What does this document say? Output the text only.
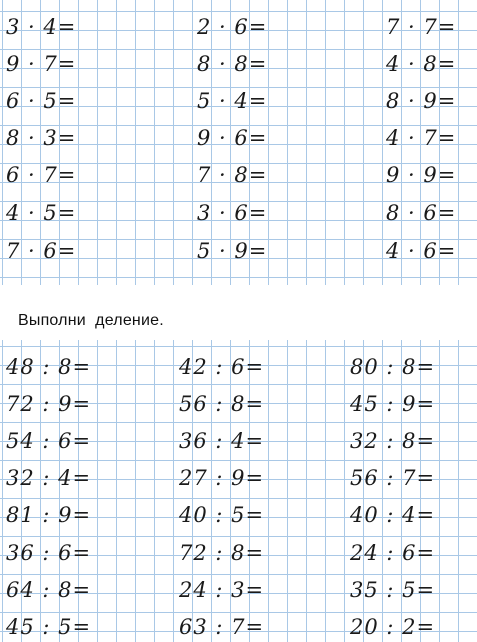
3 · 4=	2 · 6=	7 · 7=
9 · 7=	8 · 8=	4 · 8=
6 · 5=	5 · 4=	8 · 9=
8 · 3=	9 · 6=	4 · 7=
6 · 7=	7 · 8=	9 · 9=
4 · 5=	3 · 6=	8 · 6=
7 · 6=	5 · 9=	4 · 6=
Выполни  деление.
48 : 8=	42 : 6=	80 : 8=
72 : 9=	56 : 8=	45 : 9=
54 : 6=	36 : 4=	32 : 8=
32 : 4=	27 : 9=	56 : 7=
81 : 9=	40 : 5=	40 : 4=
36 : 6=	72 : 8=	24 : 6=
64 : 8=	24 : 3=	35 : 5=
45 : 5=	63 : 7=	20 : 2=
